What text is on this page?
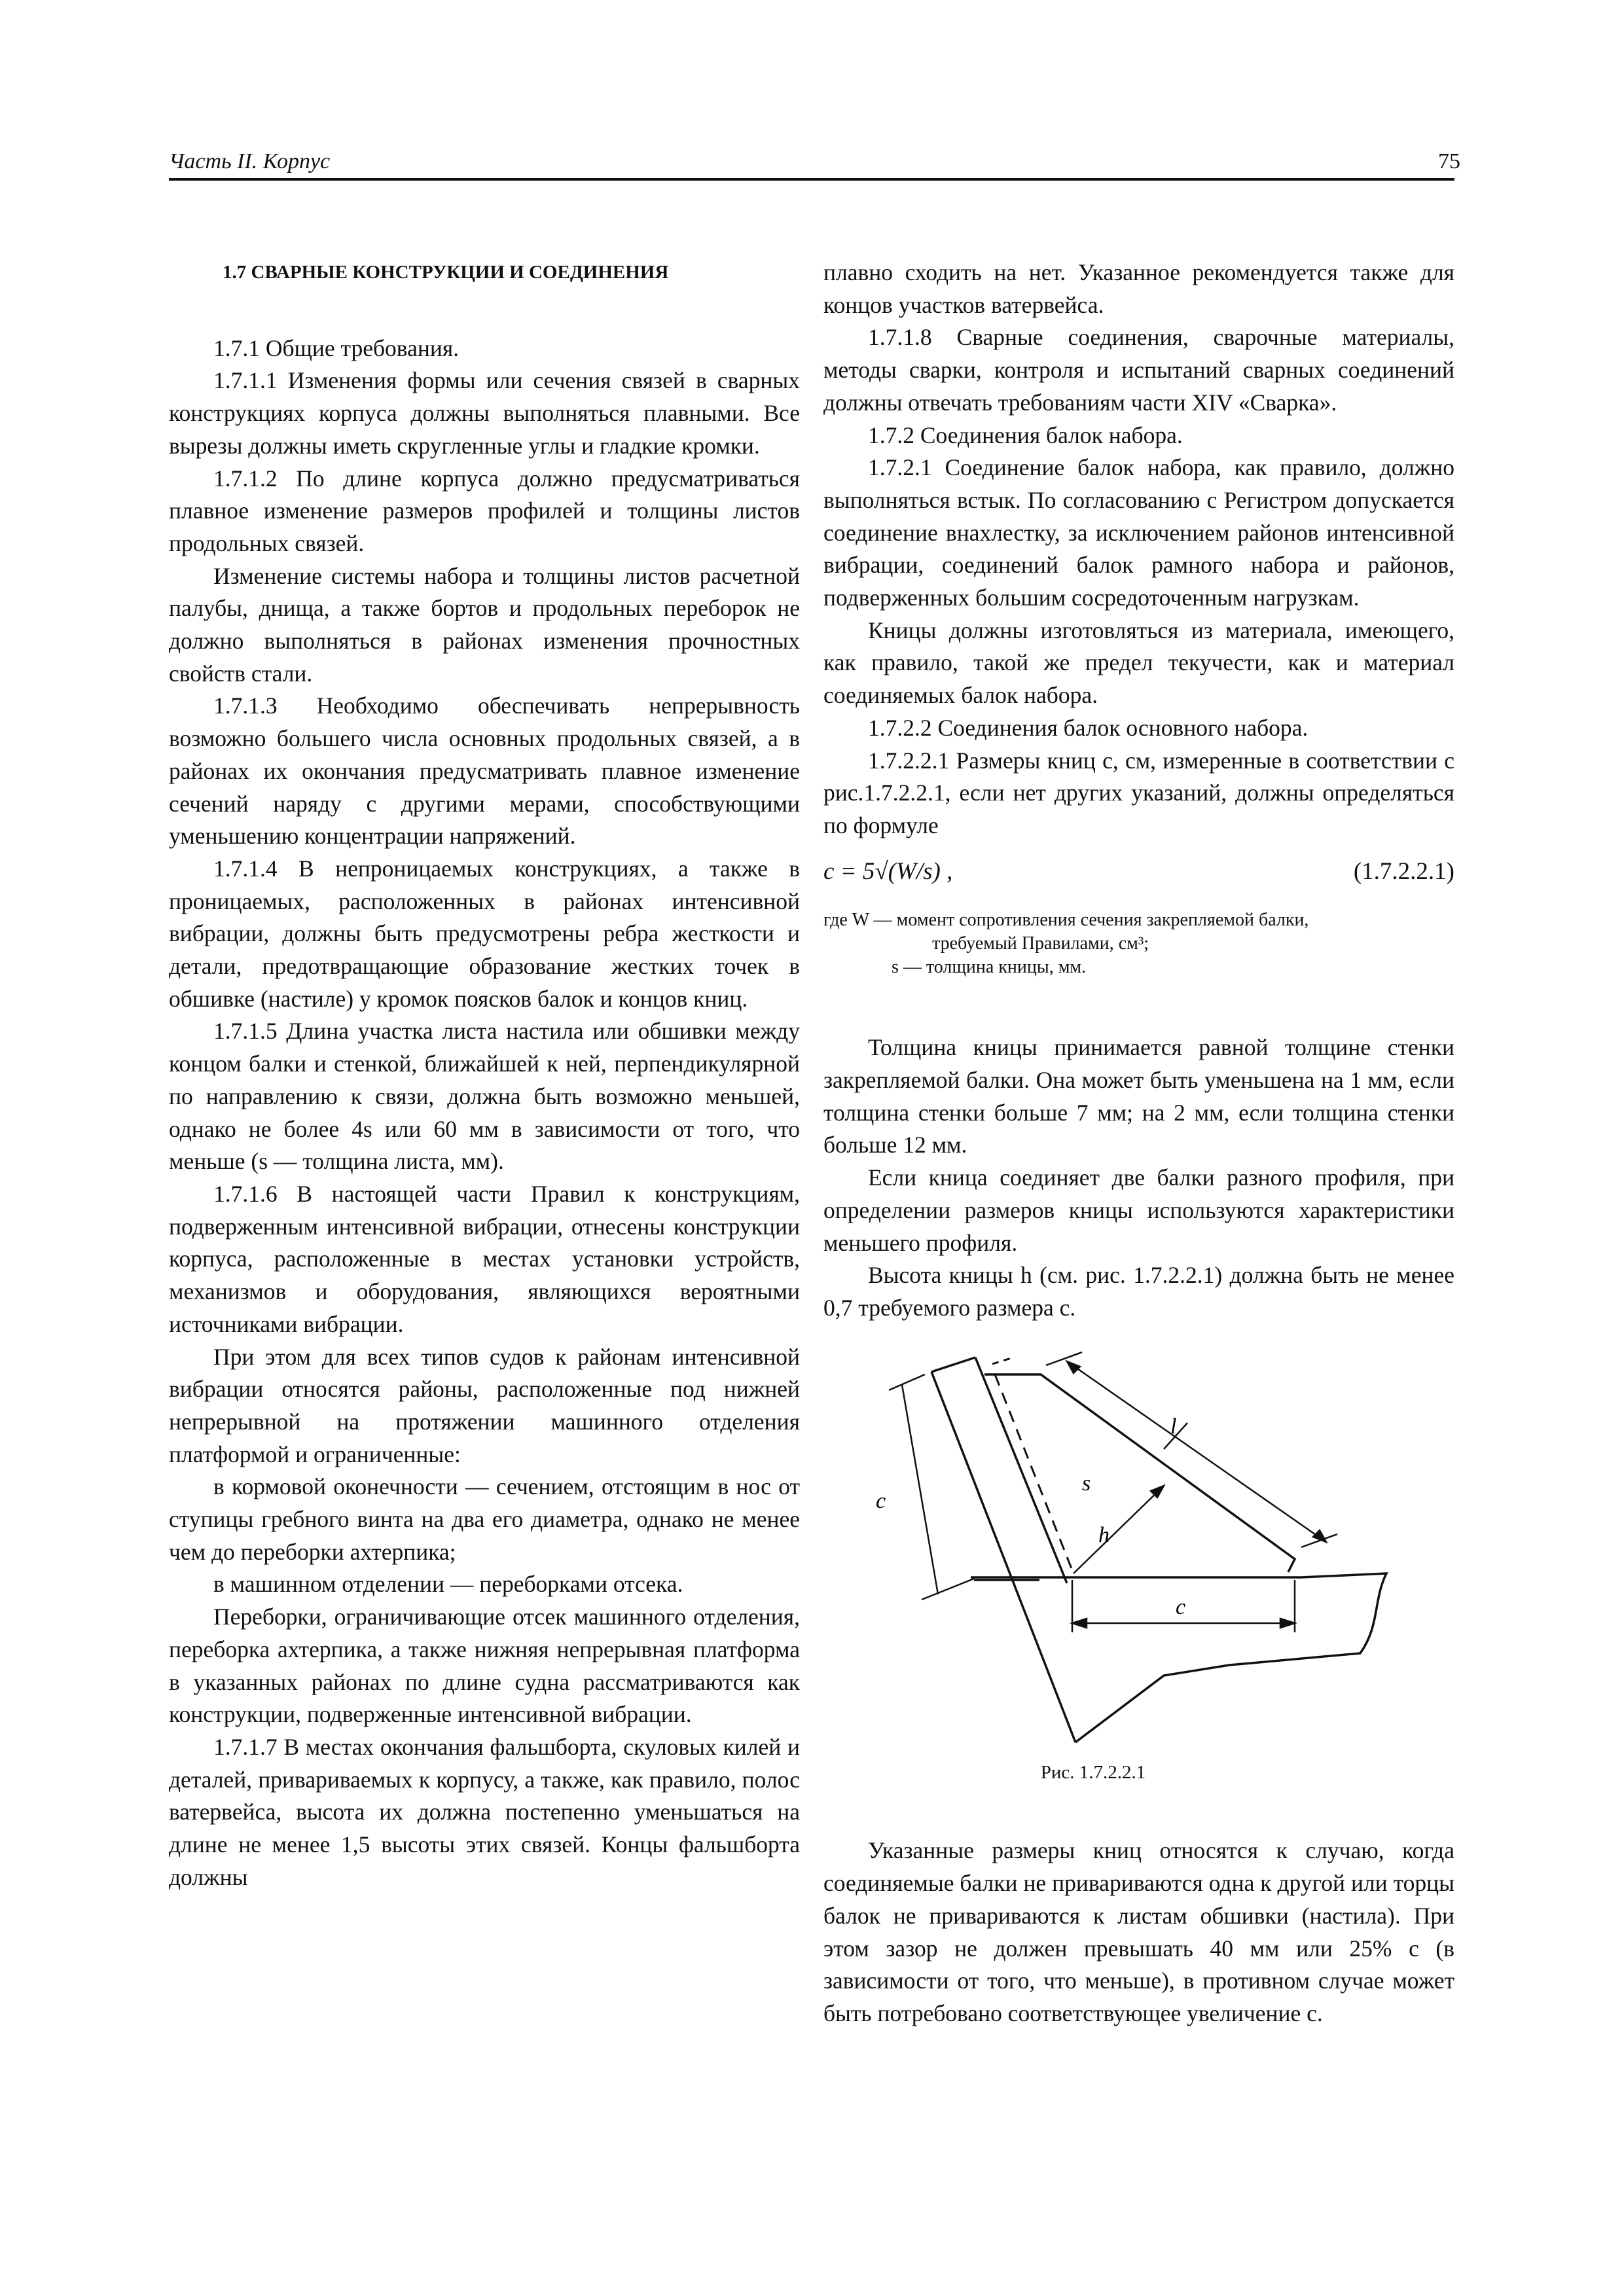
Часть II. Корпус	75

1.7 СВАРНЫЕ КОНСТРУКЦИИ И СОЕДИНЕНИЯ

1.7.1 Общие требования.

1.7.1.1 Изменения формы или сечения связей в сварных конструкциях корпуса должны выполняться плавными. Все вырезы должны иметь скругленные углы и гладкие кромки.

1.7.1.2 По длине корпуса должно предусматриваться плавное изменение размеров профилей и толщины листов продольных связей.

Изменение системы набора и толщины листов расчетной палубы, днища, а также бортов и продольных переборок не должно выполняться в районах изменения прочностных свойств стали.

1.7.1.3 Необходимо обеспечивать непрерывность возможно большего числа основных продольных связей, а в районах их окончания предусматривать плавное изменение сечений наряду с другими мерами, способствующими уменьшению концентрации напряжений.

1.7.1.4 В непроницаемых конструкциях, а также в проницаемых, расположенных в районах интенсивной вибрации, должны быть предусмотрены ребра жесткости и детали, предотвращающие образование жестких точек в обшивке (настиле) у кромок поясков балок и концов книц.

1.7.1.5 Длина участка листа настила или обшивки между концом балки и стенкой, ближайшей к ней, перпендикулярной по направлению к связи, должна быть возможно меньшей, однако не более 4s или 60 мм в зависимости от того, что меньше (s — толщина листа, мм).

1.7.1.6 В настоящей части Правил к конструкциям, подверженным интенсивной вибрации, отнесены конструкции корпуса, расположенные в местах установки устройств, механизмов и оборудования, являющихся вероятными источниками вибрации.

При этом для всех типов судов к районам интенсивной вибрации относятся районы, расположенные под нижней непрерывной на протяжении машинного отделения платформой и ограниченные:

в кормовой оконечности — сечением, отстоящим в нос от ступицы гребного винта на два его диаметра, однако не менее чем до переборки ахтерпика;

в машинном отделении — переборками отсека.

Переборки, ограничивающие отсек машинного отделения, переборка ахтерпика, а также нижняя непрерывная платформа в указанных районах по длине судна рассматриваются как конструкции, подверженные интенсивной вибрации.

1.7.1.7 В местах окончания фальшборта, скуловых килей и деталей, привариваемых к корпусу, а также, как правило, полос ватервейса, высота их должна постепенно уменьшаться на длине не менее 1,5 высоты этих связей. Концы фальшборта должны

плавно сходить на нет. Указанное рекомендуется также для концов участков ватервейса.

1.7.1.8 Сварные соединения, сварочные материалы, методы сварки, контроля и испытаний сварных соединений должны отвечать требованиям части XIV «Сварка».

1.7.2 Соединения балок набора.

1.7.2.1 Соединение балок набора, как правило, должно выполняться встык. По согласованию с Регистром допускается соединение внахлестку, за исключением районов интенсивной вибрации, соединений балок рамного набора и районов, подверженных большим сосредоточенным нагрузкам.

Кницы должны изготовляться из материала, имеющего, как правило, такой же предел текучести, как и материал соединяемых балок набора.

1.7.2.2 Соединения балок основного набора.

1.7.2.2.1 Размеры книц c, см, измеренные в соответствии с рис.1.7.2.2.1, если нет других указаний, должны определяться по формуле

c = 5√(W/s) ,	(1.7.2.2.1)
где W — момент сопротивления сечения закрепляемой балки,
требуемый Правилами, см³;
s — толщина кницы, мм.

Толщина кницы принимается равной толщине стенки закрепляемой балки. Она может быть уменьшена на 1 мм, если толщина стенки больше 7 мм; на 2 мм, если толщина стенки больше 12 мм.

Если кница соединяет две балки разного профиля, при определении размеров кницы используются характеристики меньшего профиля.

Высота кницы h (см. рис. 1.7.2.2.1) должна быть не менее 0,7 требуемого размера c.

l
s
h
c
c
Рис. 1.7.2.2.1

Указанные размеры книц относятся к случаю, когда соединяемые балки не привариваются одна к другой или торцы балок не привариваются к листам обшивки (настила). При этом зазор не должен превышать 40 мм или 25% c (в зависимости от того, что меньше), в противном случае может быть потребовано соответствующее увеличение c.
